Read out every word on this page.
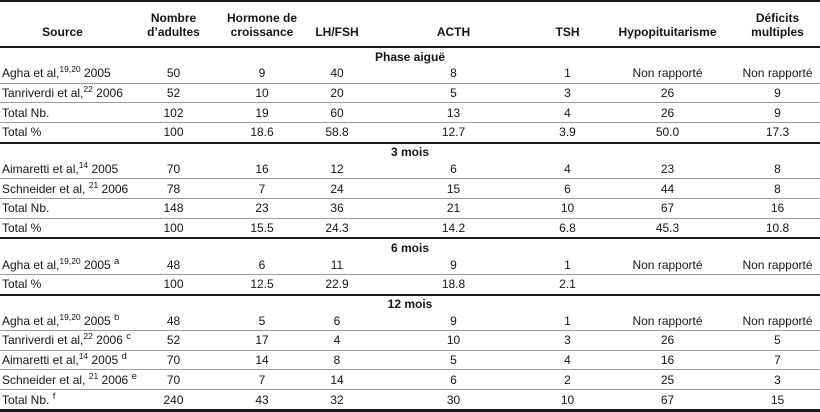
Source	Nombre d’adultes	Hormone de croissance	LH/FSH	ACTH	TSH	Hypopituitarisme	Déficits multiples
Phase aiguë							
Agha et al,$^{19,20}$ 2005	50	9	40	8	1	Non rapporté	Non rapporté
Tanriverdi et al,$^{22}$ 2006	52	10	20	5	3	26	9
Total Nb.	102	19	60	13	4	26	9
Total %	100	18.6	58.8	12.7	3.9	50.0	17.3
3 mois							
Aimaretti et al,$^{14}$ 2005	70	16	12	6	4	23	8
Schneider et al, $^{21}$ 2006	78	7	24	15	6	44	8
Total Nb.	148	23	36	21	10	67	16
Total %	100	15.5	24.3	14.2	6.8	45.3	10.8
6 mois							
Agha et al,$^{19,20}$ 2005 $^a$	48	6	11	9	1	Non rapporté	Non rapporté
Total %	100	12.5	22.9	18.8	2.1		
12 mois							
Agha et al,$^{19,20}$ 2005 $^b$	48	5	6	9	1	Non rapporté	Non rapporté
Tanriverdi et al,$^{22}$ 2006 $^c$	52	17	4	10	3	26	5
Aimaretti et al,$^{14}$ 2005 $^d$	70	14	8	5	4	16	7
Schneider et al, $^{21}$ 2006 $^e$	70	7	14	6	2	25	3
Total Nb. $^f$	240	43	32	30	10	67	15
